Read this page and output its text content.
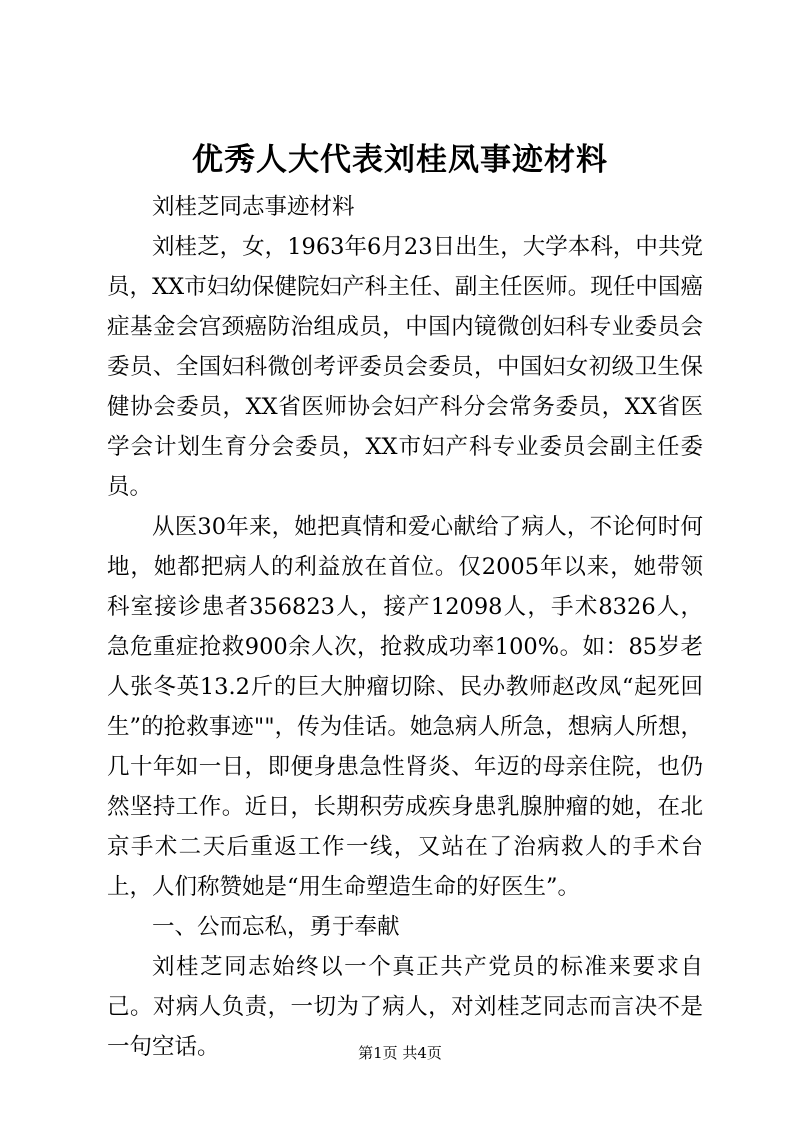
优秀人大代表刘桂凤事迹材料

刘桂芝同志事迹材料

刘桂芝，女，1963年6月23日出生，大学本科，中共党员，XX市妇幼保健院妇产科主任、副主任医师。现任中国癌症基金会宫颈癌防治组成员，中国内镜微创妇科专业委员会委员、全国妇科微创考评委员会委员，中国妇女初级卫生保健协会委员，XX省医师协会妇产科分会常务委员，XX省医学会计划生育分会委员，XX市妇产科专业委员会副主任委员。

从医30年来，她把真情和爱心献给了病人，不论何时何地，她都把病人的利益放在首位。仅2005年以来，她带领科室接诊患者356823人，接产12098人，手术8326人，急危重症抢救900余人次，抢救成功率100%。如：85岁老人张冬英13.2斤的巨大肿瘤切除、民办教师赵改凤“起死回生”的抢救事迹""，传为佳话。她急病人所急，想病人所想，几十年如一日，即便身患急性肾炎、年迈的母亲住院，也仍然坚持工作。近日，长期积劳成疾身患乳腺肿瘤的她，在北京手术二天后重返工作一线，又站在了治病救人的手术台上，人们称赞她是“用生命塑造生命的好医生”。

一、公而忘私，勇于奉献

刘桂芝同志始终以一个真正共产党员的标准来要求自己。对病人负责，一切为了病人，对刘桂芝同志而言决不是一句空话。	第1页 共4页
